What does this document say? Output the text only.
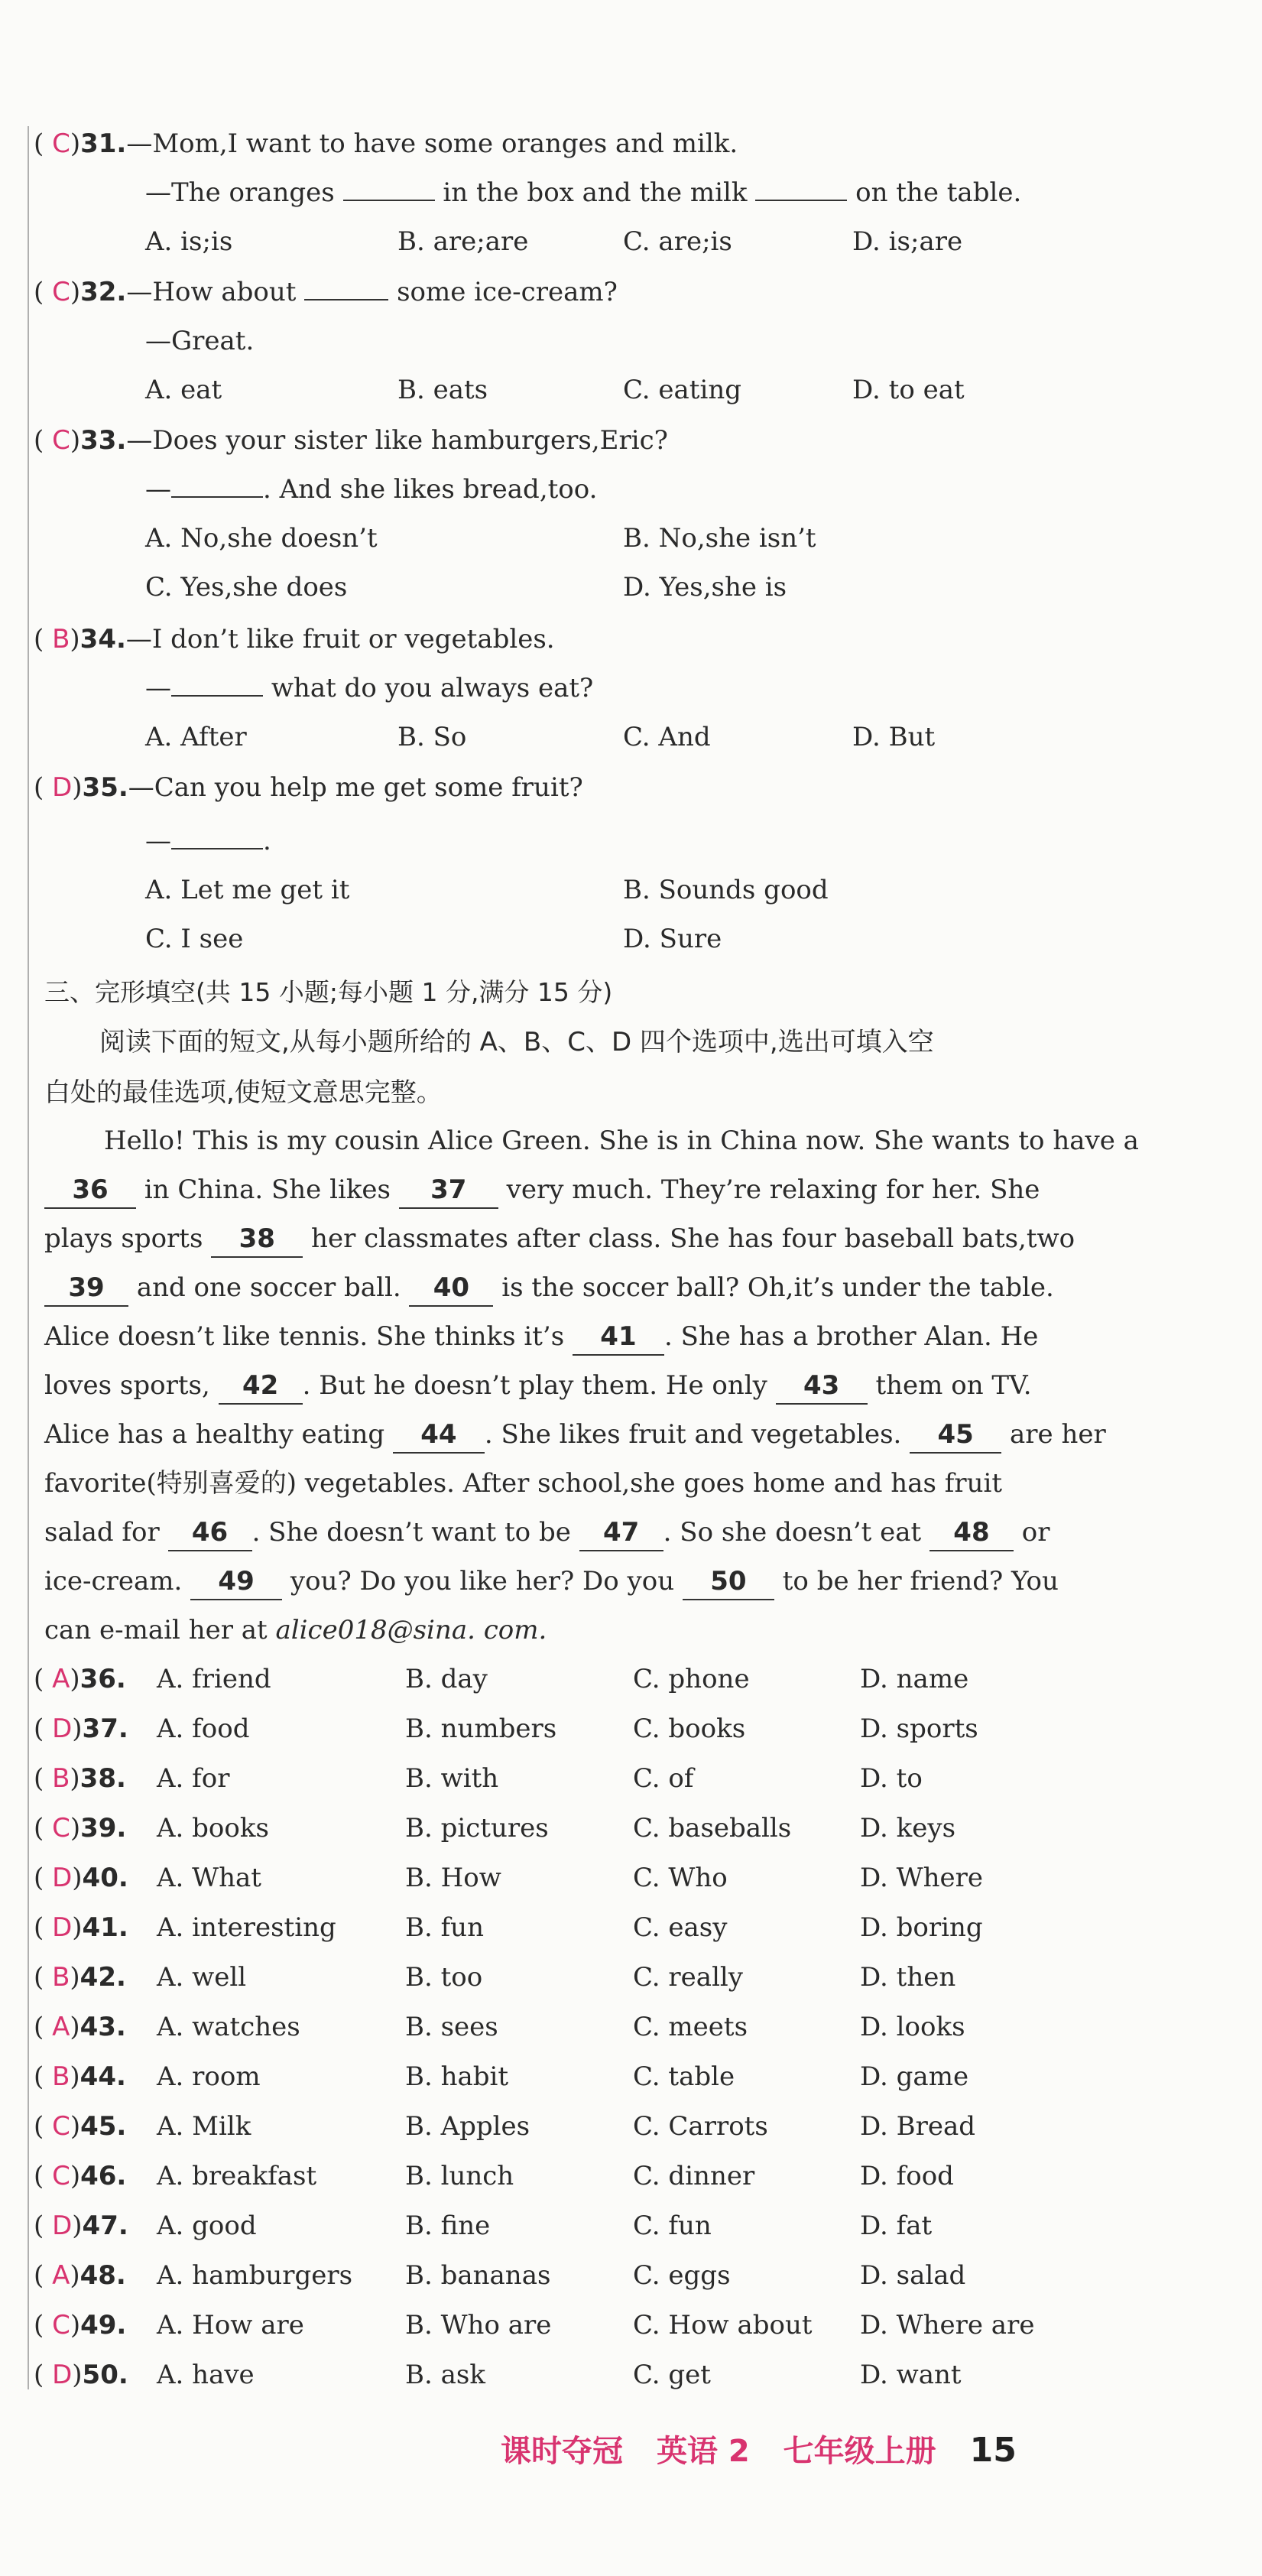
( C)31.—Mom,I want to have some oranges and milk.
—The oranges	in the box and the milk	on the table.
A. is;is	B. are;are	C. are;is	D. is;are
( C)32.—How about	some ice-cream?
—Great.
A. eat	B. eats	C. eating	D. to eat
( C)33.—Does your sister like hamburgers,Eric?
—	. And she likes bread,too.
A. No,she doesn’t	B. No,she isn’t
C. Yes,she does	D. Yes,she is
( B)34.—I don’t like fruit or vegetables.
—	what do you always eat?
A. After	B. So	C. And	D. But
( D)35.—Can you help me get some fruit?
—	.
A. Let me get it	B. Sounds good
C. I see	D. Sure
三、完形填空(共 15 小题;每小题 1 分,满分 15 分)
阅读下面的短文,从每小题所给的 A、B、C、D 四个选项中,选出可填入空
白处的最佳选项,使短文意思完整。
Hello! This is my cousin Alice Green. She is in China now. She wants to have a
36 in China. She likes 37 very much. They’re relaxing for her. She
plays sports 38 her classmates after class. She has four baseball bats,two
39 and one soccer ball. 40 is the soccer ball? Oh,it’s under the table.
Alice doesn’t like tennis. She thinks it’s 41 . She has a brother Alan. He
loves sports, 42 . But he doesn’t play them. He only 43 them on TV.
Alice has a healthy eating 44 . She likes fruit and vegetables. 45 are her
favorite(特别喜爱的) vegetables. After school,she goes home and has fruit
salad for 46 . She doesn’t want to be 47 . So she doesn’t eat 48 or
ice-cream. 49 you? Do you like her? Do you 50 to be her friend? You
can e-mail her at alice018@sina. com.
( A)36. A. friend	B. day	C. phone	D. name
( D)37. A. food	B. numbers	C. books	D. sports
( B)38. A. for	B. with	C. of	D. to
( C)39. A. books	B. pictures	C. baseballs	D. keys
( D)40. A. What	B. How	C. Who	D. Where
( D)41. A. interesting	B. fun	C. easy	D. boring
( B)42. A. well	B. too	C. really	D. then
( A)43. A. watches	B. sees	C. meets	D. looks
( B)44. A. room	B. habit	C. table	D. game
( C)45. A. Milk	B. Apples	C. Carrots	D. Bread
( C)46. A. breakfast	B. lunch	C. dinner	D. food
( D)47. A. good	B. fine	C. fun	D. fat
( A)48. A. hamburgers B. bananas	C. eggs	D. salad
( C)49. A. How are	B. Who are	C. How about D. Where are
( D)50. A. have	B. ask	C. get	D. want
课时夺冠 英语 2 七年级上册 15
